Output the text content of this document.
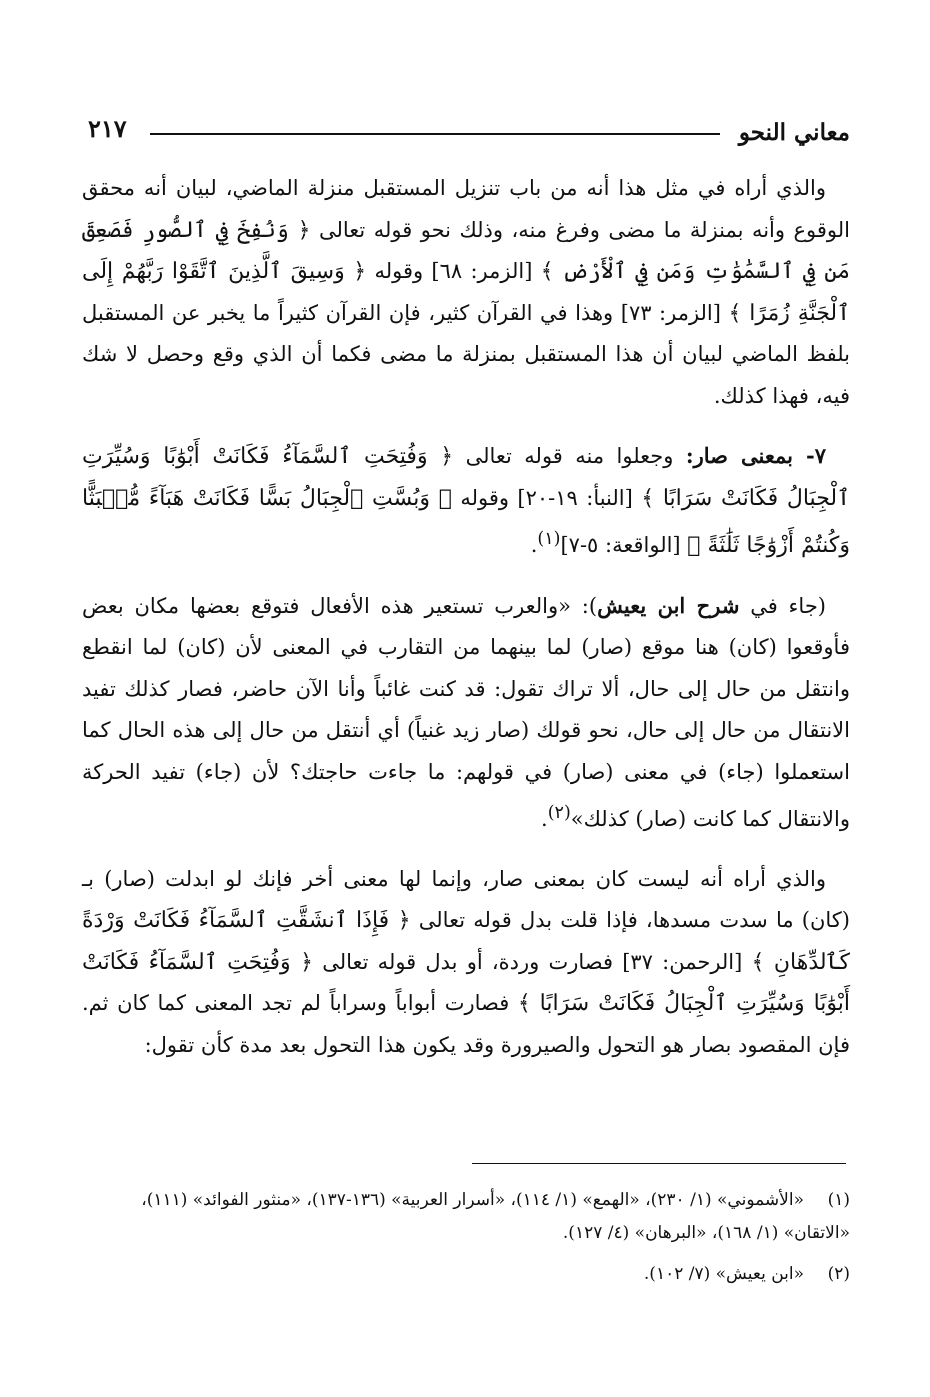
٢١٧	معاني النحو

والذي أراه في مثل هذا أنه من باب تنزيل المستقبل منزلة الماضي، لبيان أنه محقق الوقوع وأنه بمنزلة ما مضى وفرغ منه، وذلك نحو قوله تعالى ﴿ وَنُفِخَ فِي ٱلصُّورِ فَصَعِقَ مَن فِي ٱلسَّمَٰوَٰتِ وَمَن فِي ٱلْأَرْضِ ﴾ [الزمر: ٦٨] وقوله ﴿ وَسِيقَ ٱلَّذِينَ ٱتَّقَوْا رَبَّهُمْ إِلَى ٱلْجَنَّةِ زُمَرًا ﴾ [الزمر: ٧٣] وهذا في القرآن كثير، فإن القرآن كثيراً ما يخبر عن المستقبل بلفظ الماضي لبيان أن هذا المستقبل بمنزلة ما مضى فكما أن الذي وقع وحصل لا شك فيه، فهذا كذلك.

٧- بمعنى صار: وجعلوا منه قوله تعالى ﴿ وَفُتِحَتِ ٱلسَّمَآءُ فَكَانَتْ أَبْوَٰبًا وَسُيِّرَتِ ٱلْجِبَالُ فَكَانَتْ سَرَابًا ﴾ [النبأ: ١٩-٢٠] وقوله ﴿ وَبُسَّتِ ٱلْجِبَالُ بَسًّا فَكَانَتْ هَبَآءً مُّنۢبَثًّا وَكُنتُمْ أَزْوَٰجًا ثَلَٰثَةً ﴾ [الواقعة: ٥-٧]$^{(١)}$.

(جاء في شرح ابن يعيش): «والعرب تستعير هذه الأفعال فتوقع بعضها مكان بعض فأوقعوا (كان) هنا موقع (صار) لما بينهما من التقارب في المعنى لأن (كان) لما انقطع وانتقل من حال إلى حال، ألا تراك تقول: قد كنت غائباً وأنا الآن حاضر، فصار كذلك تفيد الانتقال من حال إلى حال، نحو قولك (صار زيد غنياً) أي أنتقل من حال إلى هذه الحال كما استعملوا (جاء) في معنى (صار) في قولهم: ما جاءت حاجتك؟ لأن (جاء) تفيد الحركة والانتقال كما كانت (صار) كذلك»$^{(٢)}$.

والذي أراه أنه ليست كان بمعنى صار، وإنما لها معنى أخر فإنك لو ابدلت (صار) بـ (كان) ما سدت مسدها، فإذا قلت بدل قوله تعالى ﴿ فَإِذَا ٱنشَقَّتِ ٱلسَّمَآءُ فَكَانَتْ وَرْدَةً كَٱلدِّهَانِ ﴾ [الرحمن: ٣٧] فصارت وردة، أو بدل قوله تعالى ﴿ وَفُتِحَتِ ٱلسَّمَآءُ فَكَانَتْ أَبْوَٰبًا وَسُيِّرَتِ ٱلْجِبَالُ فَكَانَتْ سَرَابًا ﴾ فصارت أبواباً وسراباً لم تجد المعنى كما كان ثم. فإن المقصود بصار هو التحول والصيرورة وقد يكون هذا التحول بعد مدة كأن تقول:

(١)«الأشموني» (١/ ٢٣٠)، «الهمع» (١/ ١١٤)، «أسرار العربية» (١٣٦-١٣٧)، «منثور الفوائد» (١١١)، «الاتقان» (١/ ١٦٨)، «البرهان» (٤/ ١٢٧).
(٢)«ابن يعيش» (٧/ ١٠٢).
